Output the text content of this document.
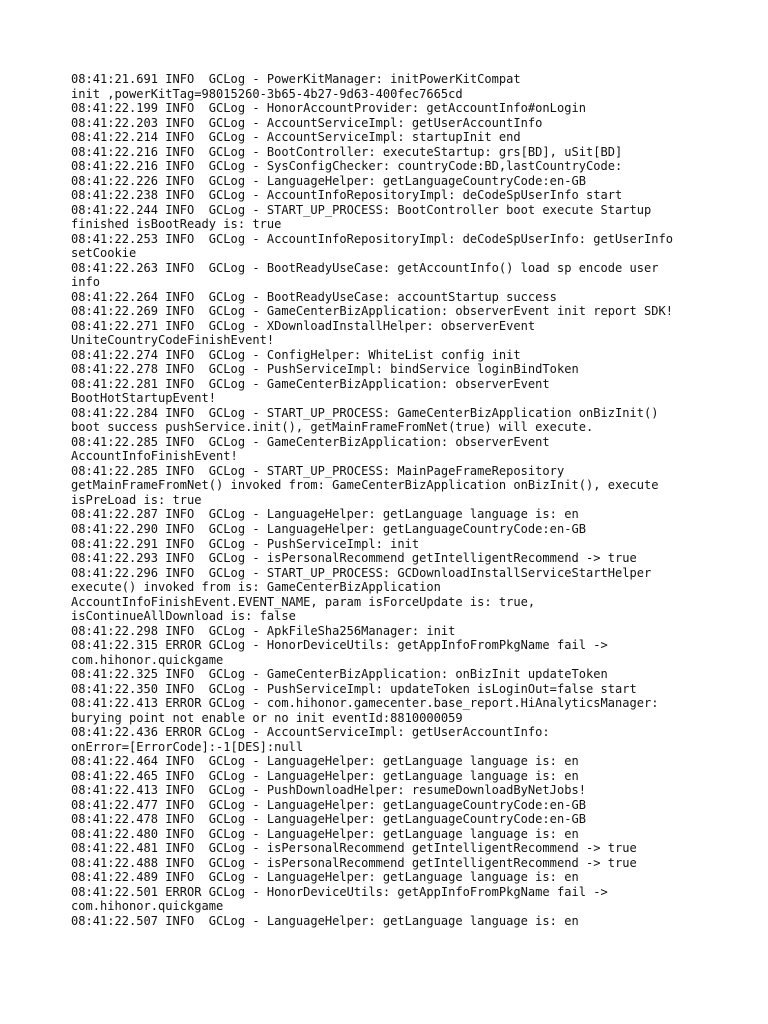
08:41:21.691 INFO  GCLog - PowerKitManager: initPowerKitCompat
init ,powerKitTag=98015260-3b65-4b27-9d63-400fec7665cd
08:41:22.199 INFO  GCLog - HonorAccountProvider: getAccountInfo#onLogin
08:41:22.203 INFO  GCLog - AccountServiceImpl: getUserAccountInfo
08:41:22.214 INFO  GCLog - AccountServiceImpl: startupInit end
08:41:22.216 INFO  GCLog - BootController: executeStartup: grs[BD], uSit[BD]
08:41:22.216 INFO  GCLog - SysConfigChecker: countryCode:BD,lastCountryCode:
08:41:22.226 INFO  GCLog - LanguageHelper: getLanguageCountryCode:en-GB
08:41:22.238 INFO  GCLog - AccountInfoRepositoryImpl: deCodeSpUserInfo start
08:41:22.244 INFO  GCLog - START_UP_PROCESS: BootController boot execute Startup
finished isBootReady is: true
08:41:22.253 INFO  GCLog - AccountInfoRepositoryImpl: deCodeSpUserInfo: getUserInfo
setCookie
08:41:22.263 INFO  GCLog - BootReadyUseCase: getAccountInfo() load sp encode user
info
08:41:22.264 INFO  GCLog - BootReadyUseCase: accountStartup success
08:41:22.269 INFO  GCLog - GameCenterBizApplication: observerEvent init report SDK!
08:41:22.271 INFO  GCLog - XDownloadInstallHelper: observerEvent
UniteCountryCodeFinishEvent!
08:41:22.274 INFO  GCLog - ConfigHelper: WhiteList config init
08:41:22.278 INFO  GCLog - PushServiceImpl: bindService loginBindToken
08:41:22.281 INFO  GCLog - GameCenterBizApplication: observerEvent
BootHotStartupEvent!
08:41:22.284 INFO  GCLog - START_UP_PROCESS: GameCenterBizApplication onBizInit()
boot success pushService.init(), getMainFrameFromNet(true) will execute.
08:41:22.285 INFO  GCLog - GameCenterBizApplication: observerEvent
AccountInfoFinishEvent!
08:41:22.285 INFO  GCLog - START_UP_PROCESS: MainPageFrameRepository
getMainFrameFromNet() invoked from: GameCenterBizApplication onBizInit(), execute
isPreLoad is: true
08:41:22.287 INFO  GCLog - LanguageHelper: getLanguage language is: en
08:41:22.290 INFO  GCLog - LanguageHelper: getLanguageCountryCode:en-GB
08:41:22.291 INFO  GCLog - PushServiceImpl: init
08:41:22.293 INFO  GCLog - isPersonalRecommend getIntelligentRecommend -> true
08:41:22.296 INFO  GCLog - START_UP_PROCESS: GCDownloadInstallServiceStartHelper
execute() invoked from is: GameCenterBizApplication
AccountInfoFinishEvent.EVENT_NAME, param isForceUpdate is: true,
isContinueAllDownload is: false
08:41:22.298 INFO  GCLog - ApkFileSha256Manager: init
08:41:22.315 ERROR GCLog - HonorDeviceUtils: getAppInfoFromPkgName fail ->
com.hihonor.quickgame
08:41:22.325 INFO  GCLog - GameCenterBizApplication: onBizInit updateToken
08:41:22.350 INFO  GCLog - PushServiceImpl: updateToken isLoginOut=false start
08:41:22.413 ERROR GCLog - com.hihonor.gamecenter.base_report.HiAnalyticsManager:
burying point not enable or no init eventId:8810000059
08:41:22.436 ERROR GCLog - AccountServiceImpl: getUserAccountInfo:
onError=[ErrorCode]:-1[DES]:null
08:41:22.464 INFO  GCLog - LanguageHelper: getLanguage language is: en
08:41:22.465 INFO  GCLog - LanguageHelper: getLanguage language is: en
08:41:22.413 INFO  GCLog - PushDownloadHelper: resumeDownloadByNetJobs!
08:41:22.477 INFO  GCLog - LanguageHelper: getLanguageCountryCode:en-GB
08:41:22.478 INFO  GCLog - LanguageHelper: getLanguageCountryCode:en-GB
08:41:22.480 INFO  GCLog - LanguageHelper: getLanguage language is: en
08:41:22.481 INFO  GCLog - isPersonalRecommend getIntelligentRecommend -> true
08:41:22.488 INFO  GCLog - isPersonalRecommend getIntelligentRecommend -> true
08:41:22.489 INFO  GCLog - LanguageHelper: getLanguage language is: en
08:41:22.501 ERROR GCLog - HonorDeviceUtils: getAppInfoFromPkgName fail ->
com.hihonor.quickgame
08:41:22.507 INFO  GCLog - LanguageHelper: getLanguage language is: en
